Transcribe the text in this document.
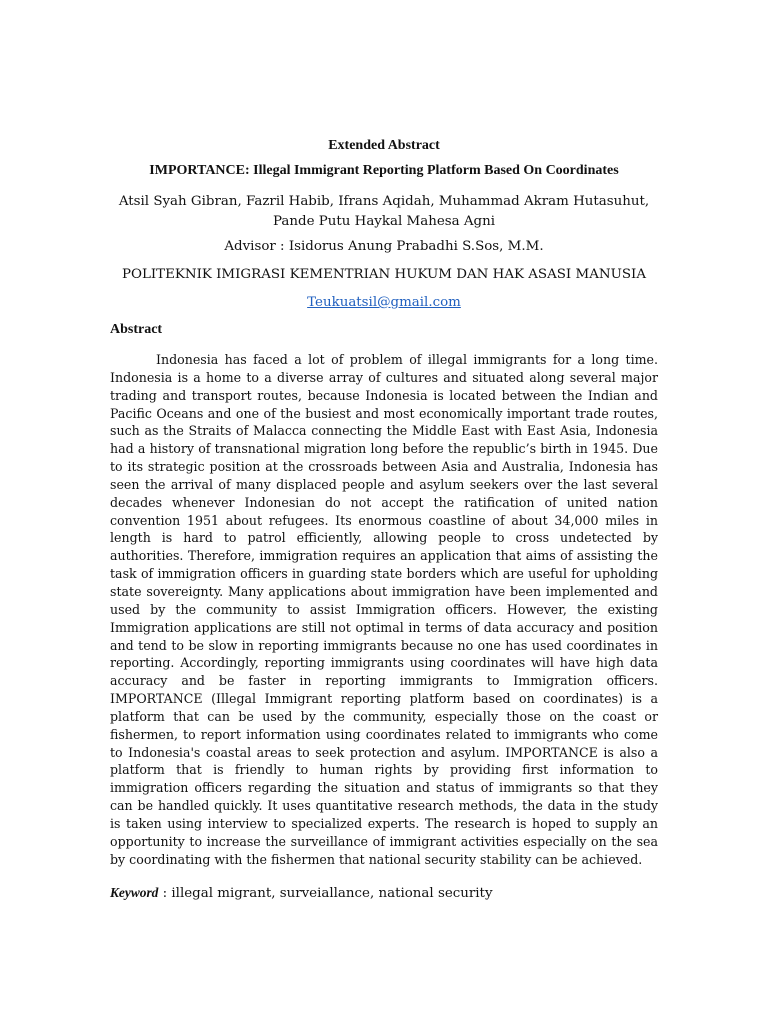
Extended Abstract

IMPORTANCE: Illegal Immigrant Reporting Platform Based On Coordinates

Atsil Syah Gibran, Fazril Habib, Ifrans Aqidah, Muhammad Akram Hutasuhut, Pande Putu Haykal Mahesa Agni

Advisor : Isidorus Anung Prabadhi S.Sos, M.M.

POLITEKNIK IMIGRASI KEMENTRIAN HUKUM DAN HAK ASASI MANUSIA

Teukuatsil@gmail.com

Abstract

Indonesia has faced a lot of problem of illegal immigrants for a long time. Indonesia is a home to a diverse array of cultures and situated along several major trading and transport routes, because Indonesia is located between the Indian and Pacific Oceans and one of the busiest and most economically important trade routes, such as the Straits of Malacca connecting the Middle East with East Asia, Indonesia had a history of transnational migration long before the republic’s birth in 1945. Due to its strategic position at the crossroads between Asia and Australia, Indonesia has seen the arrival of many displaced people and asylum seekers over the last several decades whenever Indonesian do not accept the ratification of united nation convention 1951 about refugees. Its enormous coastline of about 34,000 miles in length is hard to patrol efficiently, allowing people to cross undetected by authorities. Therefore, immigration requires an application that aims of assisting the task of immigration officers in guarding state borders which are useful for upholding state sovereignty. Many applications about immigration have been implemented and used by the community to assist Immigration officers. However, the existing Immigration applications are still not optimal in terms of data accuracy and position and tend to be slow in reporting immigrants because no one has used coordinates in reporting. Accordingly, reporting immigrants using coordinates will have high data accuracy and be faster in reporting immigrants to Immigration officers. IMPORTANCE (Illegal Immigrant reporting platform based on coordinates) is a platform that can be used by the community, especially those on the coast or fishermen, to report information using coordinates related to immigrants who come to Indonesia's coastal areas to seek protection and asylum. IMPORTANCE is also a platform that is friendly to human rights by providing first information to immigration officers regarding the situation and status of immigrants so that they can be handled quickly. It uses quantitative research methods, the data in the study is taken using interview to specialized experts. The research is hoped to supply an opportunity to increase the surveillance of immigrant activities especially on the sea by coordinating with the fishermen that national security stability can be achieved.

Keyword : illegal migrant, surveiallance, national security
